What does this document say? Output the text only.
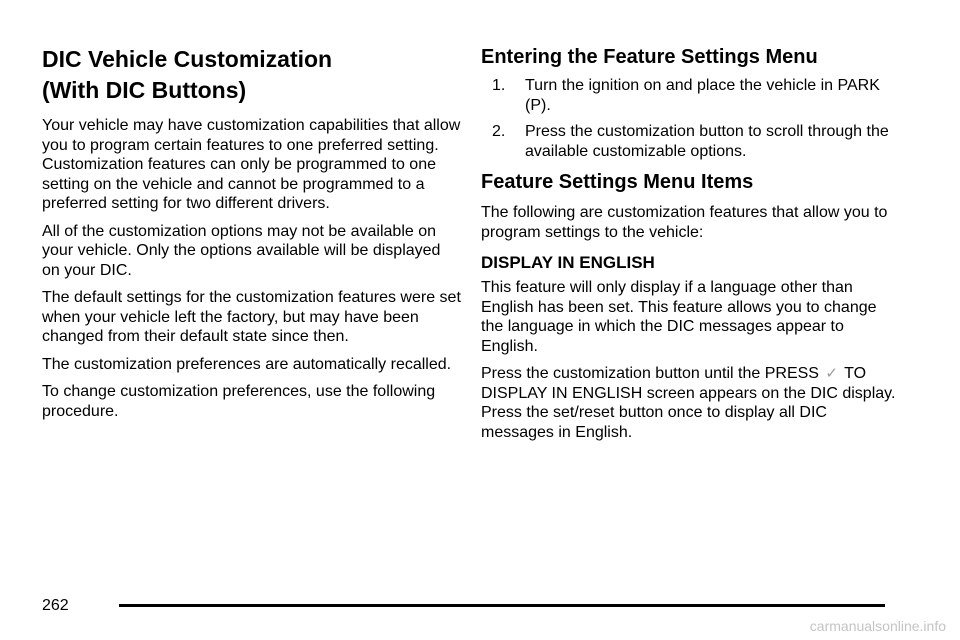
DIC Vehicle Customization
(With DIC Buttons)

Your vehicle may have customization capabilities that allow you to program certain features to one preferred setting. Customization features can only be programmed to one setting on the vehicle and cannot be programmed to a preferred setting for two different drivers.

All of the customization options may not be available on your vehicle. Only the options available will be displayed on your DIC.

The default settings for the customization features were set when your vehicle left the factory, but may have been changed from their default state since then.

The customization preferences are automatically recalled.

To change customization preferences, use the following procedure.

Entering the Feature Settings Menu
1.	Turn the ignition on and place the vehicle in PARK (P).
2.	Press the customization button to scroll through the available customizable options.
Feature Settings Menu Items

The following are customization features that allow you to program settings to the vehicle:

DISPLAY IN ENGLISH

This feature will only display if a language other than English has been set. This feature allows you to change the language in which the DIC messages appear to English.

Press the customization button until the PRESS ✓ TO DISPLAY IN ENGLISH screen appears on the DIC display. Press the set/reset button once to display all DIC messages in English.

262
carmanualsonline.info
